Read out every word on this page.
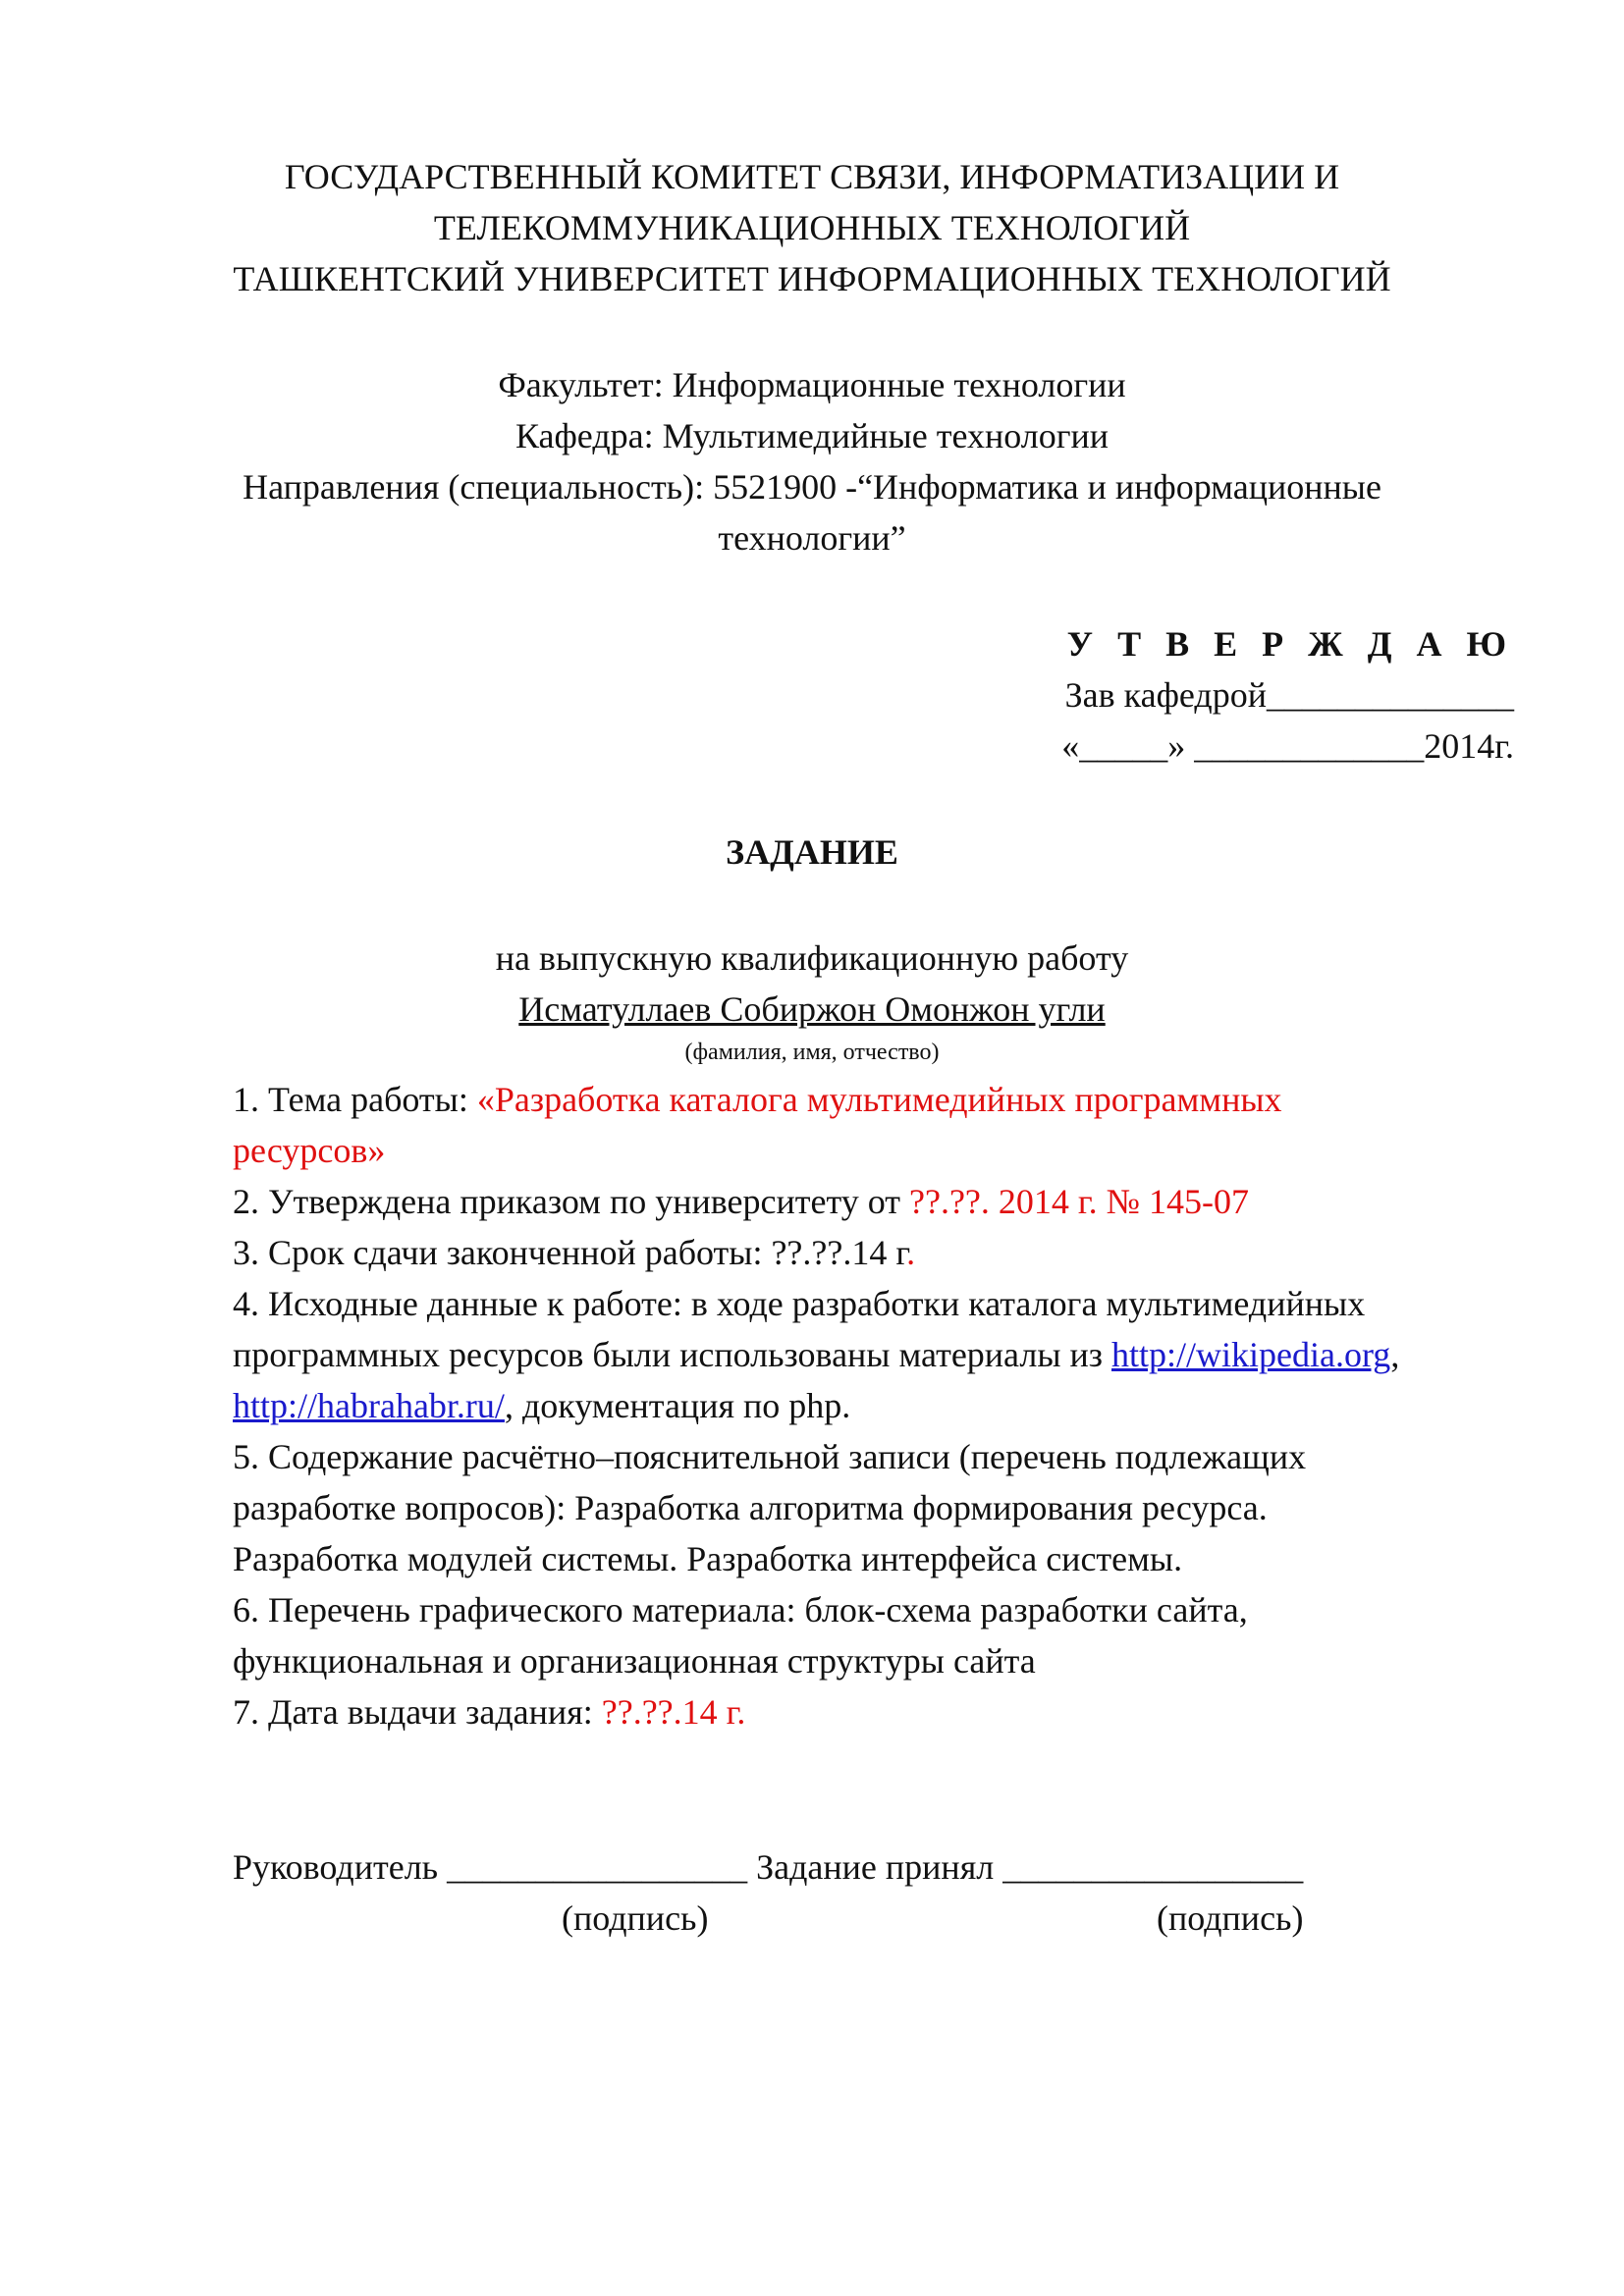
ГОСУДАРСТВЕННЫЙ КОМИТЕТ СВЯЗИ, ИНФОРМАТИЗАЦИИ И
ТЕЛЕКОММУНИКАЦИОННЫХ ТЕХНОЛОГИЙ
ТАШКЕНТСКИЙ УНИВЕРСИТЕТ ИНФОРМАЦИОННЫХ ТЕХНОЛОГИЙ
Факультет: Информационные технологии
Кафедра: Мультимедийные технологии
Направления (специальность): 5521900 -“Информатика и информационные
технологии”
У Т В Е Р Ж Д А Ю
Зав кафедрой______________
«_____» _____________2014г.
ЗАДАНИЕ
на выпускную квалификационную работу
Исматуллаев Собиржон Омонжон угли
(фамилия, имя, отчество)
1. Тема работы: «Разработка каталога мультимедийных программных
ресурсов»
2. Утверждена приказом по университету от ??.??. 2014 г. № 145-07
3. Срок сдачи законченной работы: ??.??.14 г.
4. Исходные данные к работе: в ходе разработки каталога мультимедийных
программных ресурсов были использованы материалы из http://wikipedia.org,
http://habrahabr.ru/, документация по php.
5. Содержание расчётно–пояснительной записи (перечень подлежащих
разработке вопросов): Разработка алгоритма формирования ресурса.
Разработка модулей системы. Разработка интерфейса системы.
6. Перечень графического материала: блок-схема разработки сайта,
функциональная и организационная структуры сайта
7. Дата выдачи задания: ??.??.14 г.
Руководитель _________________ Задание принял _________________
(подпись)	(подпись)
